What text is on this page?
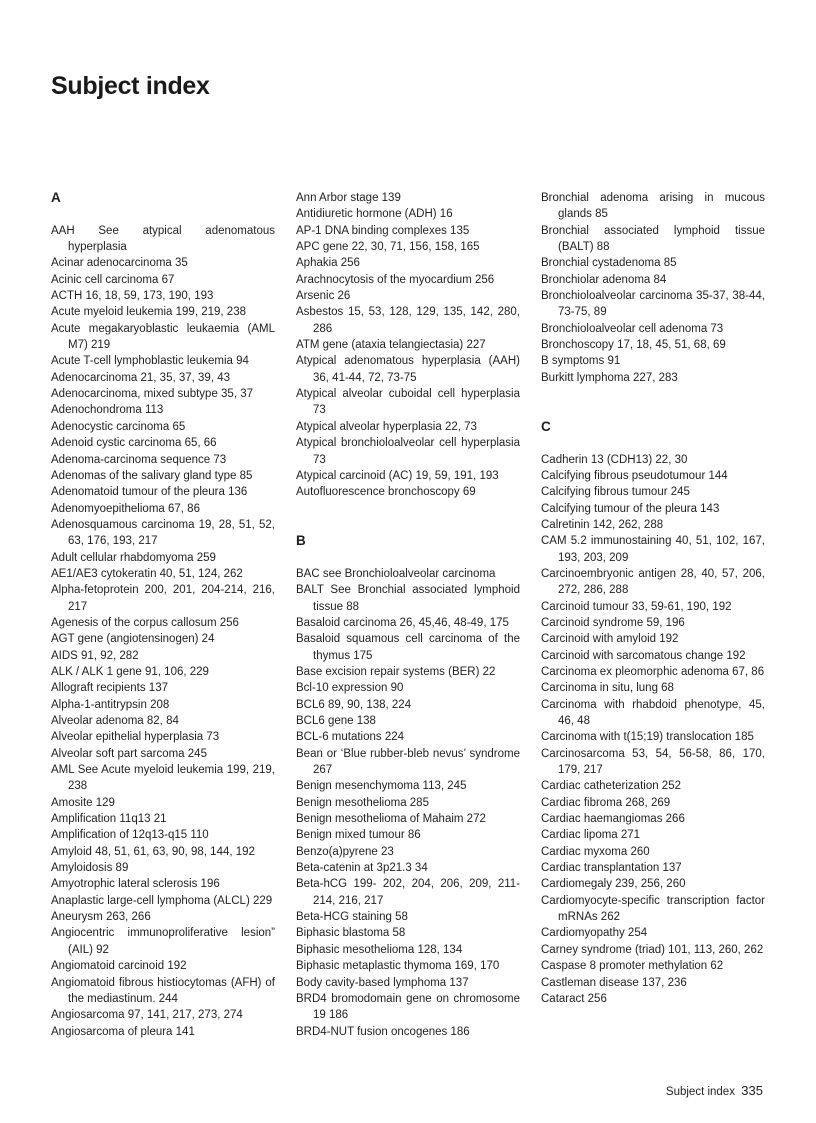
Subject index
A

AAH See atypical adenomatous hyperplasia

Acinar adenocarcinoma 35

Acinic cell carcinoma 67

ACTH 16, 18, 59, 173, 190, 193

Acute myeloid leukemia 199, 219, 238

Acute megakaryoblastic leukaemia (AML M7) 219

Acute T-cell lymphoblastic leukemia 94

Adenocarcinoma 21, 35, 37, 39, 43

Adenocarcinoma, mixed subtype 35, 37

Adenochondroma 113

Adenocystic carcinoma 65

Adenoid cystic carcinoma 65, 66

Adenoma-carcinoma sequence 73

Adenomas of the salivary gland type 85

Adenomatoid tumour of the pleura 136

Adenomyoepithelioma 67, 86

Adenosquamous carcinoma 19, 28, 51, 52, 63, 176, 193, 217

Adult cellular rhabdomyoma 259

AE1/AE3 cytokeratin 40, 51, 124, 262

Alpha-fetoprotein 200, 201, 204-214, 216, 217

Agenesis of the corpus callosum 256

AGT gene (angiotensinogen) 24

AIDS 91, 92, 282

ALK / ALK 1 gene 91, 106, 229

Allograft recipients 137

Alpha-1-antitrypsin 208

Alveolar adenoma 82, 84

Alveolar epithelial hyperplasia 73

Alveolar soft part sarcoma 245

AML See Acute myeloid leukemia 199, 219, 238

Amosite 129

Amplification 11q13 21

Amplification of 12q13-q15 110

Amyloid 48, 51, 61, 63, 90, 98, 144, 192

Amyloidosis 89

Amyotrophic lateral sclerosis 196

Anaplastic large-cell lymphoma (ALCL) 229

Aneurysm 263, 266

Angiocentric immunoproliferative lesion” (AIL) 92

Angiomatoid carcinoid 192

Angiomatoid fibrous histiocytomas (AFH) of the mediastinum. 244

Angiosarcoma 97, 141, 217, 273, 274

Angiosarcoma of pleura 141

Ann Arbor stage 139

Antidiuretic hormone (ADH) 16

AP-1 DNA binding complexes 135

APC gene 22, 30, 71, 156, 158, 165

Aphakia 256

Arachnocytosis of the myocardium 256

Arsenic 26

Asbestos 15, 53, 128, 129, 135, 142, 280, 286

ATM gene (ataxia telangiectasia) 227

Atypical adenomatous hyperplasia (AAH) 36, 41-44, 72, 73-75

Atypical alveolar cuboidal cell hyperplasia 73

Atypical alveolar hyperplasia 22, 73

Atypical bronchioloalveolar cell hyperplasia 73

Atypical carcinoid (AC) 19, 59, 191, 193

Autofluorescence bronchoscopy 69

B

BAC see Bronchioloalveolar carcinoma

BALT See Bronchial associated lymphoid tissue 88

Basaloid carcinoma 26, 45,46, 48-49, 175

Basaloid squamous cell carcinoma of the thymus 175

Base excision repair systems (BER) 22

Bcl-10 expression 90

BCL6 89, 90, 138, 224

BCL6 gene 138

BCL-6 mutations 224

Bean or ‘Blue rubber-bleb nevus’ syndrome 267

Benign mesenchymoma 113, 245

Benign mesothelioma 285

Benign mesothelioma of Mahaim 272

Benign mixed tumour 86

Benzo(a)pyrene 23

Beta-catenin at 3p21.3 34

Beta-hCG 199- 202, 204, 206, 209, 211-214, 216, 217

Beta-HCG staining 58

Biphasic blastoma 58

Biphasic mesothelioma 128, 134

Biphasic metaplastic thymoma 169, 170

Body cavity-based lymphoma 137

BRD4 bromodomain gene on chromosome 19 186

BRD4-NUT fusion oncogenes 186

Bronchial adenoma arising in mucous glands 85

Bronchial associated lymphoid tissue (BALT) 88

Bronchial cystadenoma 85

Bronchiolar adenoma 84

Bronchioloalveolar carcinoma 35-37, 38-44, 73-75, 89

Bronchioloalveolar cell adenoma 73

Bronchoscopy 17, 18, 45, 51, 68, 69

B symptoms 91

Burkitt lymphoma 227, 283

C

Cadherin 13 (CDH13) 22, 30

Calcifying fibrous pseudotumour 144

Calcifying fibrous tumour 245

Calcifying tumour of the pleura 143

Calretinin 142, 262, 288

CAM 5.2 immunostaining 40, 51, 102, 167, 193, 203, 209

Carcinoembryonic antigen 28, 40, 57, 206, 272, 286, 288

Carcinoid tumour 33, 59-61, 190, 192

Carcinoid syndrome 59, 196

Carcinoid with amyloid 192

Carcinoid with sarcomatous change 192

Carcinoma ex pleomorphic adenoma 67, 86

Carcinoma in situ, lung 68

Carcinoma with rhabdoid phenotype, 45, 46, 48

Carcinoma with t(15;19) translocation 185

Carcinosarcoma 53, 54, 56-58, 86, 170, 179, 217

Cardiac catheterization 252

Cardiac fibroma 268, 269

Cardiac haemangiomas 266

Cardiac lipoma 271

Cardiac myxoma 260

Cardiac transplantation 137

Cardiomegaly 239, 256, 260

Cardiomyocyte-specific transcription factor mRNAs 262

Cardiomyopathy 254

Carney syndrome (triad) 101, 113, 260, 262

Caspase 8 promoter methylation 62

Castleman disease 137, 236

Cataract 256

Subject index 335
